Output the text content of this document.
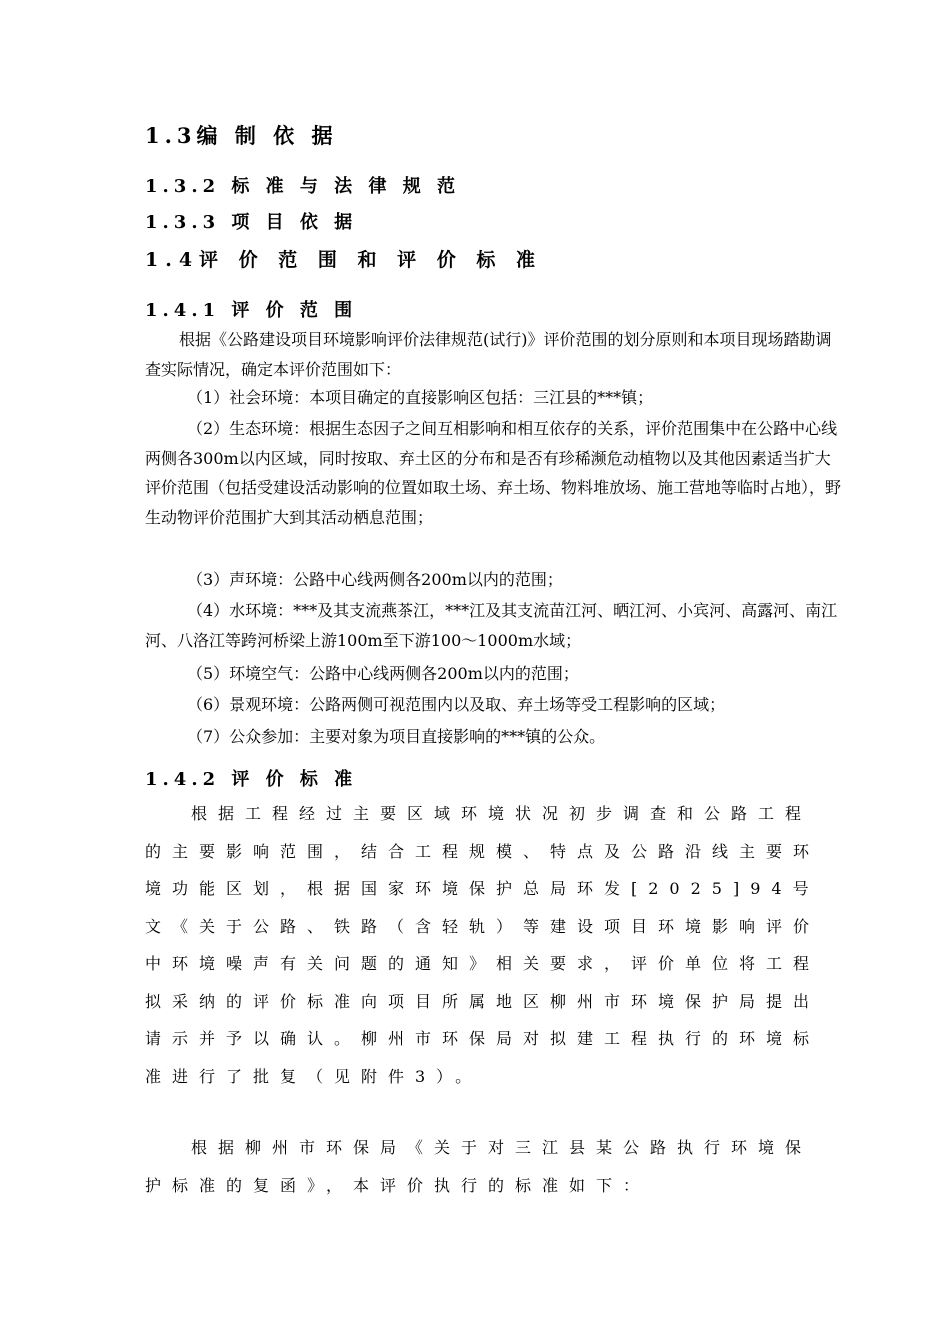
1.3编 制 依 据
1.3.2 标 准 与 法 律 规 范
1.3.3 项 目 依 据
1.4评 价 范 围 和 评 价 标 准
1.4.1 评 价 范 围

根据《公路建设项目环境影响评价法律规范(试行)》评价范围的划分原则和本项目现场踏勘调查实际情况，确定本评价范围如下：

（1）社会环境：本项目确定的直接影响区包括：三江县的***镇；

（2）生态环境：根据生态因子之间互相影响和相互依存的关系，评价范围集中在公路中心线两侧各300m以内区域，同时按取、弃土区的分布和是否有珍稀濒危动植物以及其他因素适当扩大评价范围（包括受建设活动影响的位置如取土场、弃土场、物料堆放场、施工营地等临时占地），野生动物评价范围扩大到其活动栖息范围；

（3）声环境：公路中心线两侧各200m以内的范围；

（4）水环境：***及其支流燕茶江，***江及其支流苗江河、晒江河、小宾河、高露河、南江河、八洛江等跨河桥梁上游100m至下游100～1000m水域；

（5）环境空气：公路中心线两侧各200m以内的范围；

（6）景观环境：公路两侧可视范围内以及取、弃土场等受工程影响的区域；

（7）公众参加：主要对象为项目直接影响的***镇的公众。

1.4.2 评 价 标 准

根据工程经过主要区域环境状况初步调查和公路工程的主要影响范围，结合工程规模、特点及公路沿线主要环境功能区划，根据国家环境保护总局环发[2025]94号文《关于公路、铁路（含轻轨）等建设项目环境影响评价中环境噪声有关问题的通知》相关要求，评价单位将工程拟采纳的评价标准向项目所属地区柳州市环境保护局提出请示并予以确认。柳州市环保局对拟建工程执行的环境标准进行了批复（见附件3）。

根据柳州市环保局《关于对三江县某公路执行环境保护标准的复函》，本评价执行的标准如下：
